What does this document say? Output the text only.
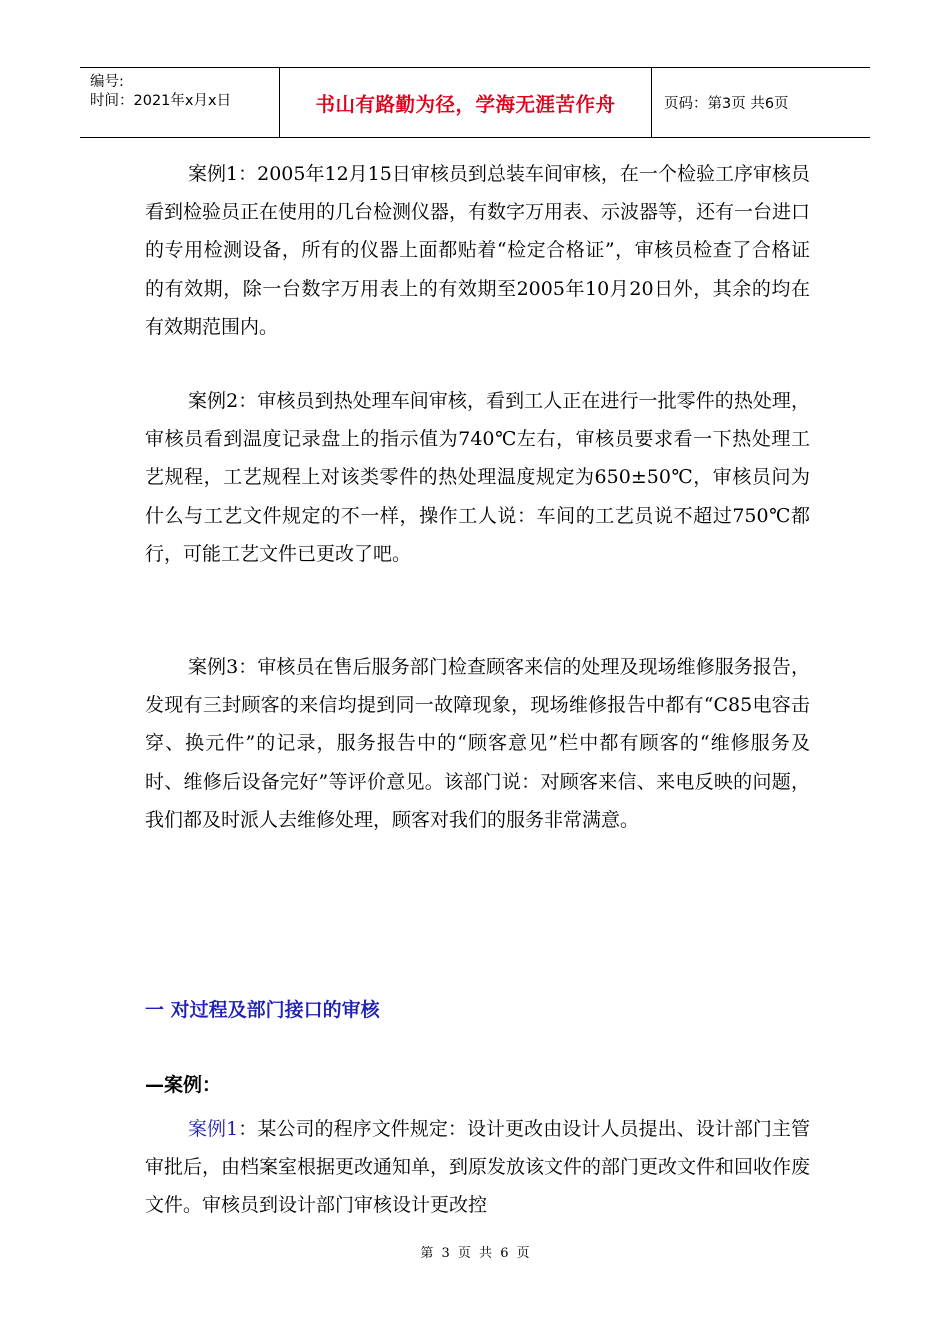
编号:
时间：2021年x月x日	书山有路勤为径，学海无涯苦作舟	页码：第3页 共6页

案例1：2005年12月15日审核员到总装车间审核，在一个检验工序审核员看到检验员正在使用的几台检测仪器，有数字万用表、示波器等，还有一台进口的专用检测设备，所有的仪器上面都贴着“检定合格证”，审核员检查了合格证的有效期，除一台数字万用表上的有效期至2005年10月20日外，其余的均在有效期范围内。

案例2：审核员到热处理车间审核，看到工人正在进行一批零件的热处理，审核员看到温度记录盘上的指示值为740℃左右，审核员要求看一下热处理工艺规程，工艺规程上对该类零件的热处理温度规定为650±50℃，审核员问为什么与工艺文件规定的不一样，操作工人说：车间的工艺员说不超过750℃都行，可能工艺文件已更改了吧。

案例3：审核员在售后服务部门检查顾客来信的处理及现场维修服务报告，发现有三封顾客的来信均提到同一故障现象，现场维修报告中都有“C85电容击穿、换元件”的记录，服务报告中的“顾客意见”栏中都有顾客的“维修服务及时、维修后设备完好”等评价意见。该部门说：对顾客来信、来电反映的问题，我们都及时派人去维修处理，顾客对我们的服务非常满意。

一 对过程及部门接口的审核
—案例：

案例1：某公司的程序文件规定：设计更改由设计人员提出、设计部门主管审批后，由档案室根据更改通知单，到原发放该文件的部门更改文件和回收作废文件。审核员到设计部门审核设计更改控

第 3 页 共 6 页
